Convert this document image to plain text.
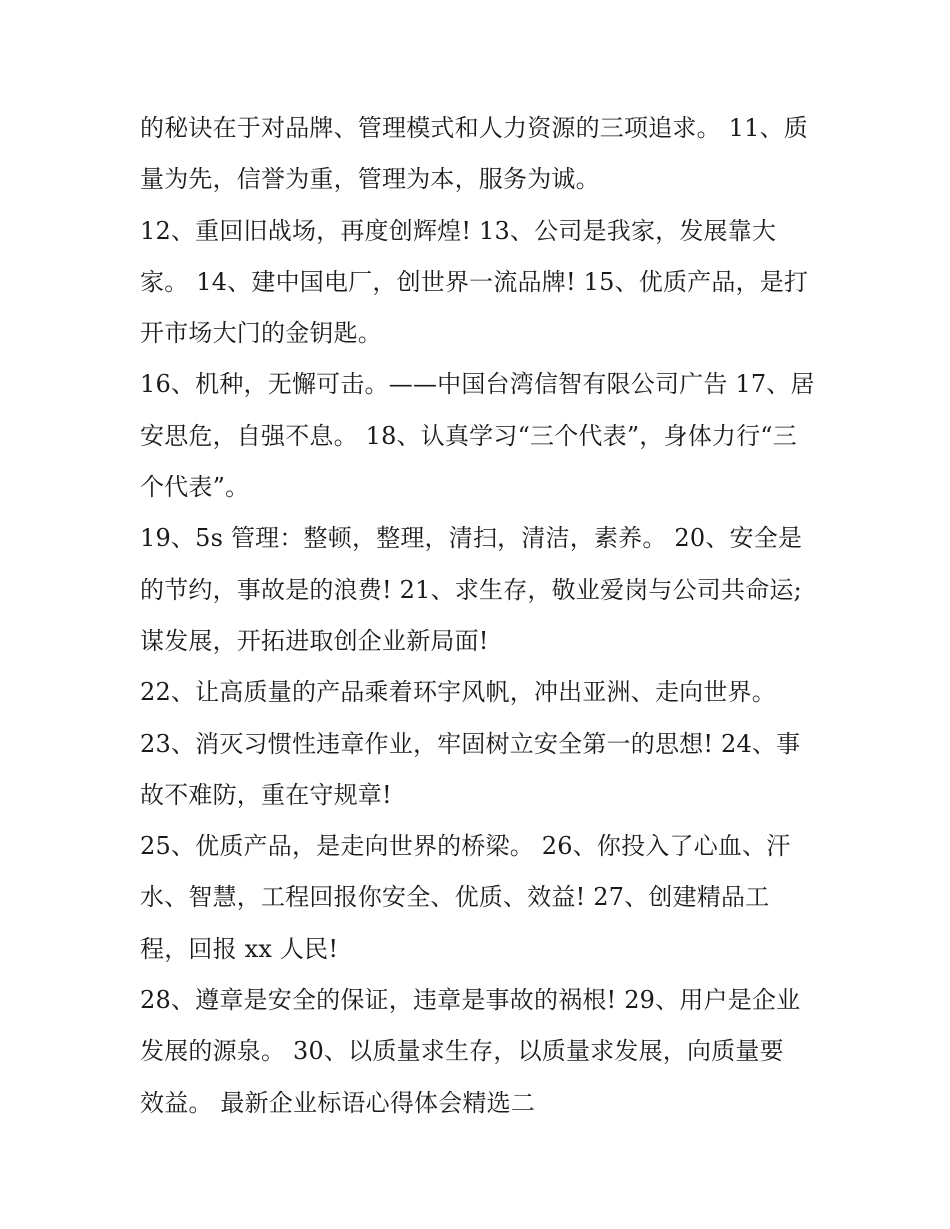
的秘诀在于对品牌、管理模式和人力资源的三项追求。 11、质
量为先，信誉为重，管理为本，服务为诚。
12、重回旧战场，再度创辉煌! 13、公司是我家，发展靠大
家。 14、建中国电厂，创世界一流品牌! 15、优质产品，是打
开市场大门的金钥匙。
16、机种，无懈可击。——中国台湾信智有限公司广告 17、居
安思危，自强不息。 18、认真学习“三个代表”，身体力行“三
个代表”。
19、5s 管理：整顿，整理，清扫，清洁，素养。 20、安全是
的节约，事故是的浪费! 21、求生存，敬业爱岗与公司共命运;
谋发展，开拓进取创企业新局面!
22、让高质量的产品乘着环宇风帆，冲出亚洲、走向世界。
23、消灭习惯性违章作业，牢固树立安全第一的思想! 24、事
故不难防，重在守规章!
25、优质产品，是走向世界的桥梁。 26、你投入了心血、汗
水、智慧，工程回报你安全、优质、效益! 27、创建精品工
程，回报 xx 人民!
28、遵章是安全的保证，违章是事故的祸根! 29、用户是企业
发展的源泉。 30、以质量求生存，以质量求发展，向质量要
效益。 最新企业标语心得体会精选二
